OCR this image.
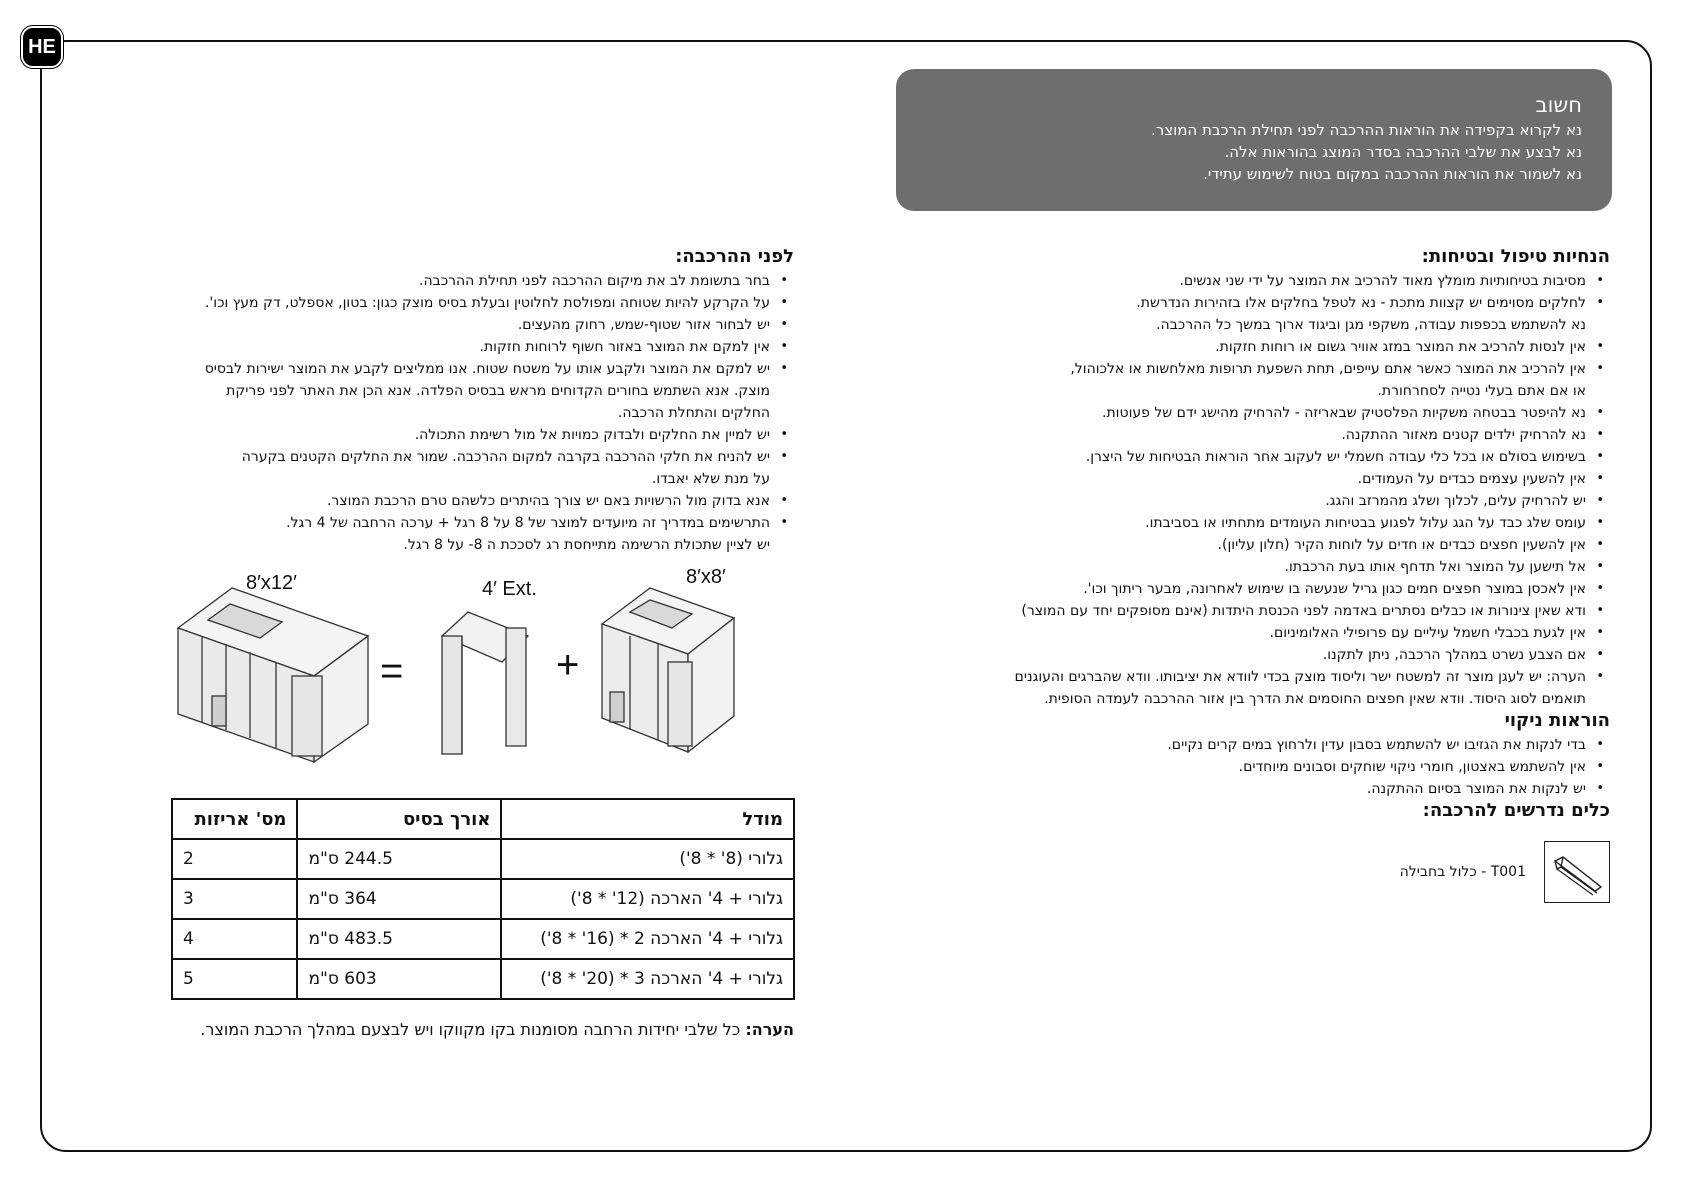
HE
חשוב
נא לקרוא בקפידה את הוראות ההרכבה לפני תחילת הרכבת המוצר.
נא לבצע את שלבי ההרכבה בסדר המוצג בהוראות אלה.
נא לשמור את הוראות ההרכבה במקום בטוח לשימוש עתידי.
הנחיות טיפול ובטיחות:
• מסיבות בטיחותיות מומלץ מאוד להרכיב את המוצר על ידי שני אנשים.
• לחלקים מסוימים יש קצוות מתכת - נא לטפל בחלקים אלו בזהירות הנדרשת.
נא להשתמש בכפפות עבודה, משקפי מגן וביגוד ארוך במשך כל ההרכבה.
• אין לנסות להרכיב את המוצר במזג אוויר גשום או רוחות חזקות.
• אין להרכיב את המוצר כאשר אתם עייפים, תחת השפעת תרופות מאלחשות או אלכוהול,
או אם אתם בעלי נטייה לסחרחורת.
• נא להיפטר בבטחה משקיות הפלסטיק שבאריזה - להרחיק מהישג ידם של פעוטות.
• נא להרחיק ילדים קטנים מאזור ההתקנה.
• בשימוש בסולם או בכל כלי עבודה חשמלי יש לעקוב אחר הוראות הבטיחות של היצרן.
• אין להשעין עצמים כבדים על העמודים.
• יש להרחיק עלים, לכלוך ושלג מהמרזב והגג.
• עומס שלג כבד על הגג עלול לפגוע בבטיחות העומדים מתחתיו או בסביבתו.
• אין להשעין חפצים כבדים או חדים על לוחות הקיר (חלון עליון).
• אל תישען על המוצר ואל תדחף אותו בעת הרכבתו.
• אין לאכסן במוצר חפצים חמים כגון גריל שנעשה בו שימוש לאחרונה, מבער ריתוך וכו'.
• ודא שאין צינורות או כבלים נסתרים באדמה לפני הכנסת היתדות (אינם מסופקים יחד עם המוצר)
• אין לגעת בכבלי חשמל עיליים עם פרופילי האלומיניום.
• אם הצבע נשרט במהלך הרכבה, ניתן לתקנו.
• הערה: יש לעגן מוצר זה למשטח ישר וליסוד מוצק בכדי לוודא את יציבותו. וודא שהברגים והעוגנים
תואמים לסוג היסוד. וודא שאין חפצים החוסמים את הדרך בין אזור ההרכבה לעמדה הסופית.
הוראות ניקוי
• בדי לנקות את הגזיבו יש להשתמש בסבון עדין ולרחוץ במים קרים נקיים.
• אין להשתמש באצטון, חומרי ניקוי שוחקים וסבונים מיוחדים.
• יש לנקות את המוצר בסיום ההתקנה.
כלים נדרשים להרכבה:
T001 - כלול בחבילה
לפני ההרכבה:
• בחר בתשומת לב את מיקום ההרכבה לפני תחילת ההרכבה.
• על הקרקע להיות שטוחה ומפולסת לחלוטין ובעלת בסיס מוצק כגון: בטון, אספלט, דק מעץ וכו'.
• יש לבחור אזור שטוף-שמש, רחוק מהעצים.
• אין למקם את המוצר באזור חשוף לרוחות חזקות.
• יש למקם את המוצר ולקבע אותו על משטח שטוח. אנו ממליצים לקבע את המוצר ישירות לבסיס
מוצק. אנא השתמש בחורים הקדוחים מראש בבסיס הפלדה. אנא הכן את האתר לפני פריקת
החלקים והתחלת הרכבה.
• יש למיין את החלקים ולבדוק כמויות אל מול רשימת התכולה.
• יש להניח את חלקי ההרכבה בקרבה למקום ההרכבה. שמור את החלקים הקטנים בקערה
על מנת שלא יאבדו.
• אנא בדוק מול הרשויות באם יש צורך בהיתרים כלשהם טרם הרכבת המוצר.
• התרשימים במדריך זה מיועדים למוצר של 8 על 8 רגל + ערכה הרחבה של 4 רגל.
יש לציין שתכולת הרשימה מתייחסת רג לסככת ה 8- על 8 רגל.
8′x12′	4′ Ext.
8′x8′
=	+
מודל	אורך בסיס	מס' אריזות
גלורי (8' * 8')	244.5 ס"מ	2
גלורי + 4' הארכה (12' * 8')	364 ס"מ	3
גלורי + 4' הארכה 2 * (16' * 8')	483.5 ס"מ	4
גלורי + 4' הארכה 3 * (20' * 8')	603 ס"מ	5
הערה: כל שלבי יחידות הרחבה מסומנות בקו מקווקו ויש לבצעם במהלך הרכבת המוצר.
